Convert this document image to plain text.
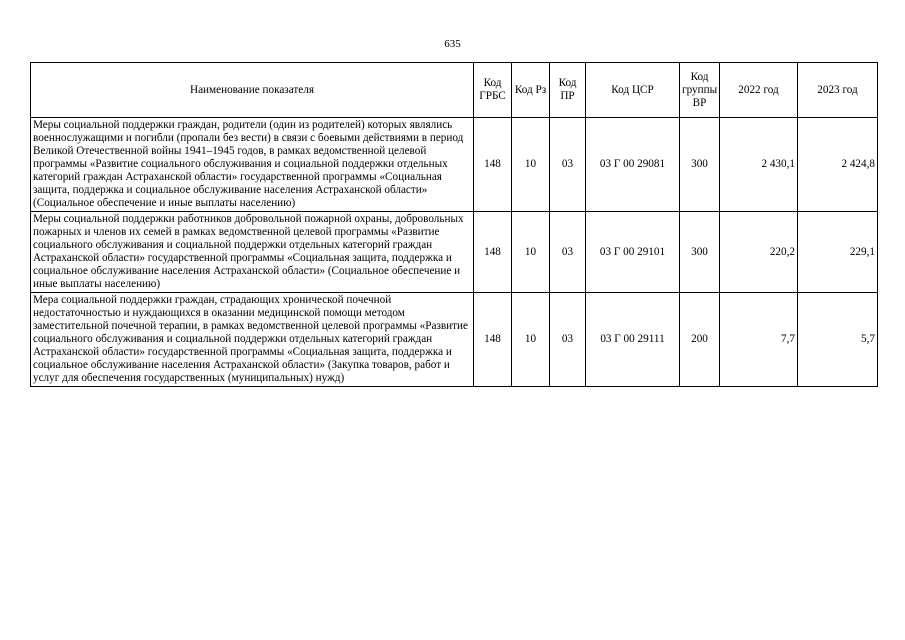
635
Наименование показателя	Код ГРБС	Код Рз	Код ПР	Код ЦСР	Код группы ВР	2022 год	2023 год
Меры социальной поддержки граждан, родители (один из родителей) которых являлись военнослужащими и погибли (пропали без вести) в связи с боевыми действиями в период Великой Отечественной войны 1941–1945 годов, в рамках ведомственной целевой программы «Развитие социального обслуживания и социальной поддержки отдельных категорий граждан Астраханской области» государственной программы «Социальная защита, поддержка и социальное обслуживание населения Астраханской области» (Социальное обеспечение и иные выплаты населению)	148	10	03	03 Г 00 29081	300	2 430,1	2 424,8
Меры социальной поддержки работников добровольной пожарной охраны, добровольных пожарных и членов их семей в рамках ведомственной целевой программы «Развитие социального обслуживания и социальной поддержки отдельных категорий граждан Астраханской области» государственной программы «Социальная защита, поддержка и социальное обслуживание населения Астраханской области» (Социальное обеспечение и иные выплаты населению)	148	10	03	03 Г 00 29101	300	220,2	229,1
Мера социальной поддержки граждан, страдающих хронической почечной недостаточностью и нуждающихся в оказании медицинской помощи методом заместительной почечной терапии, в рамках ведомственной целевой программы «Развитие социального обслуживания и социальной поддержки отдельных категорий граждан Астраханской области» государственной программы «Социальная защита, поддержка и социальное обслуживание населения Астраханской области» (Закупка товаров, работ и услуг для обеспечения государственных (муниципальных) нужд)	148	10	03	03 Г 00 29111	200	7,7	5,7
